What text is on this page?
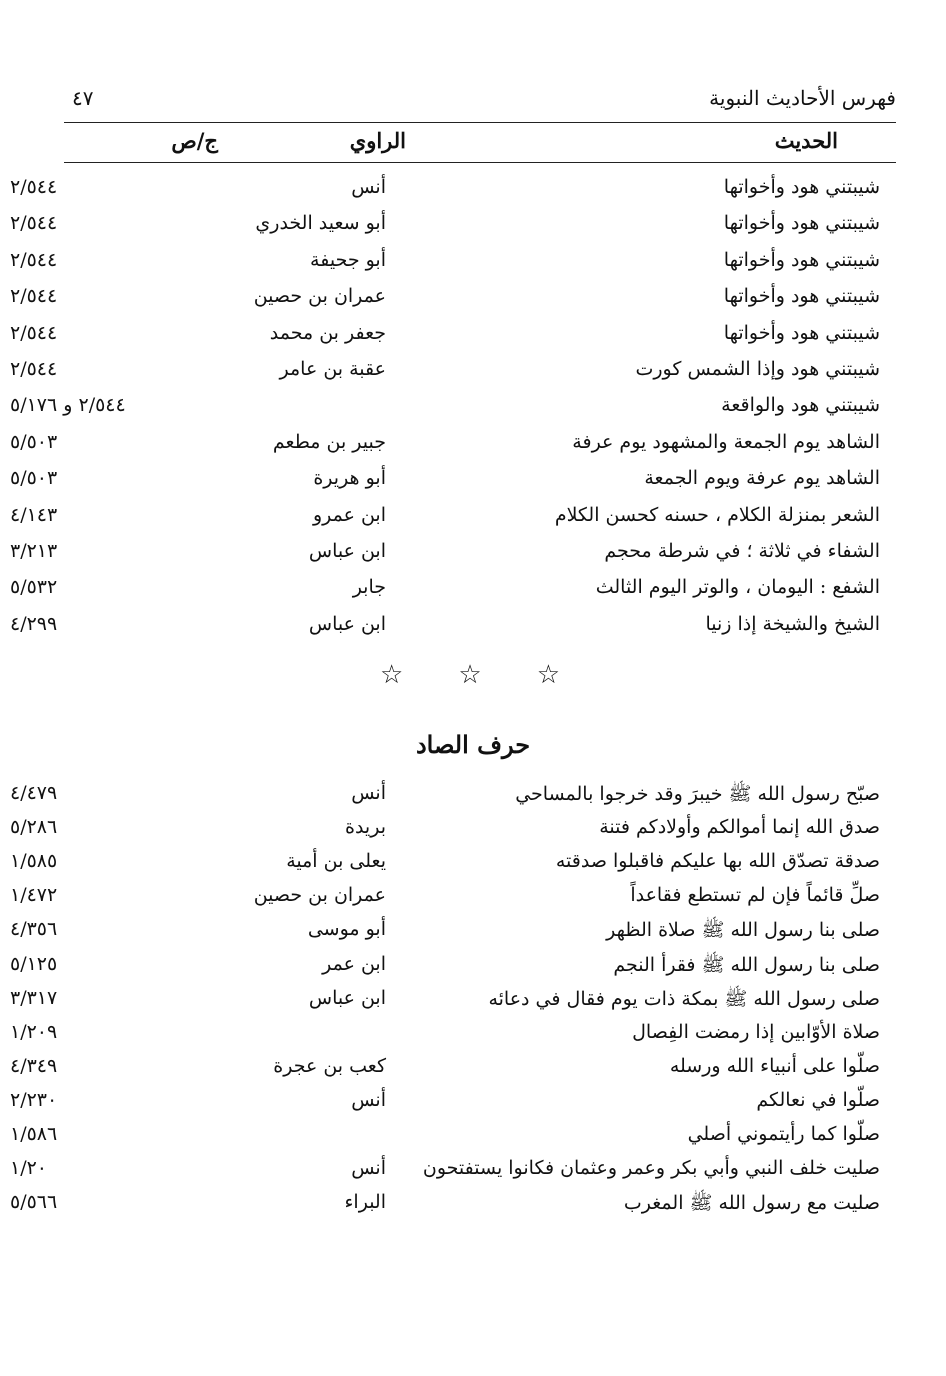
فهرس الأحاديث النبوية
٤٧
الحديث
الراوي
ج/ص
شيبتني هود وأخواتها
أنس
٢/٥٤٤
شيبتني هود وأخواتها
أبو سعيد الخدري
٢/٥٤٤
شيبتني هود وأخواتها
أبو جحيفة
٢/٥٤٤
شيبتني هود وأخواتها
عمران بن حصين
٢/٥٤٤
شيبتني هود وأخواتها
جعفر بن محمد
٢/٥٤٤
شيبتني هود وإذا الشمس كورت
عقبة بن عامر
٢/٥٤٤
شيبتني هود والواقعة
٢/٥٤٤ و ٥/١٧٦
الشاهد يوم الجمعة والمشهود يوم عرفة
جبير بن مطعم
٥/٥٠٣
الشاهد يوم عرفة ويوم الجمعة
أبو هريرة
٥/٥٠٣
الشعر بمنزلة الكلام ، حسنه كحسن الكلام
ابن عمرو
٤/١٤٣
الشفاء في ثلاثة ؛ في شرطة محجم
ابن عباس
٣/٢١٣
الشفع : اليومان ، والوتر اليوم الثالث
جابر
٥/٥٣٢
الشيخ والشيخة إذا زنيا
ابن عباس
٤/٢٩٩
☆
☆
☆
حرف الصاد
صبّح رسول الله ﷺ خيبرَ وقد خرجوا بالمساحي
أنس
٤/٤٧٩
صدق الله إنما أموالكم وأولادكم فتنة
بريدة
٥/٢٨٦
صدقة تصدّق الله بها عليكم فاقبلوا صدقته
يعلى بن أمية
١/٥٨٥
صلِّ قائماً فإن لم تستطع فقاعداً
عمران بن حصين
١/٤٧٢
صلى بنا رسول الله ﷺ صلاة الظهر
أبو موسى
٤/٣٥٦
صلى بنا رسول الله ﷺ فقرأ النجم
ابن عمر
٥/١٢٥
صلى رسول الله ﷺ بمكة ذات يوم فقال في دعائه
ابن عباس
٣/٣١٧
صلاة الأوّابين إذا رمضت الفِصال
١/٢٠٩
صلّوا على أنبياء الله ورسله
كعب بن عجرة
٤/٣٤٩
صلّوا في نعالكم
أنس
٢/٢٣٠
صلّوا كما رأيتموني أصلي
١/٥٨٦
صليت خلف النبي وأبي بكر وعمر وعثمان فكانوا يستفتحون
أنس
١/٢٠
صليت مع رسول الله ﷺ المغرب
البراء
٥/٥٦٦
